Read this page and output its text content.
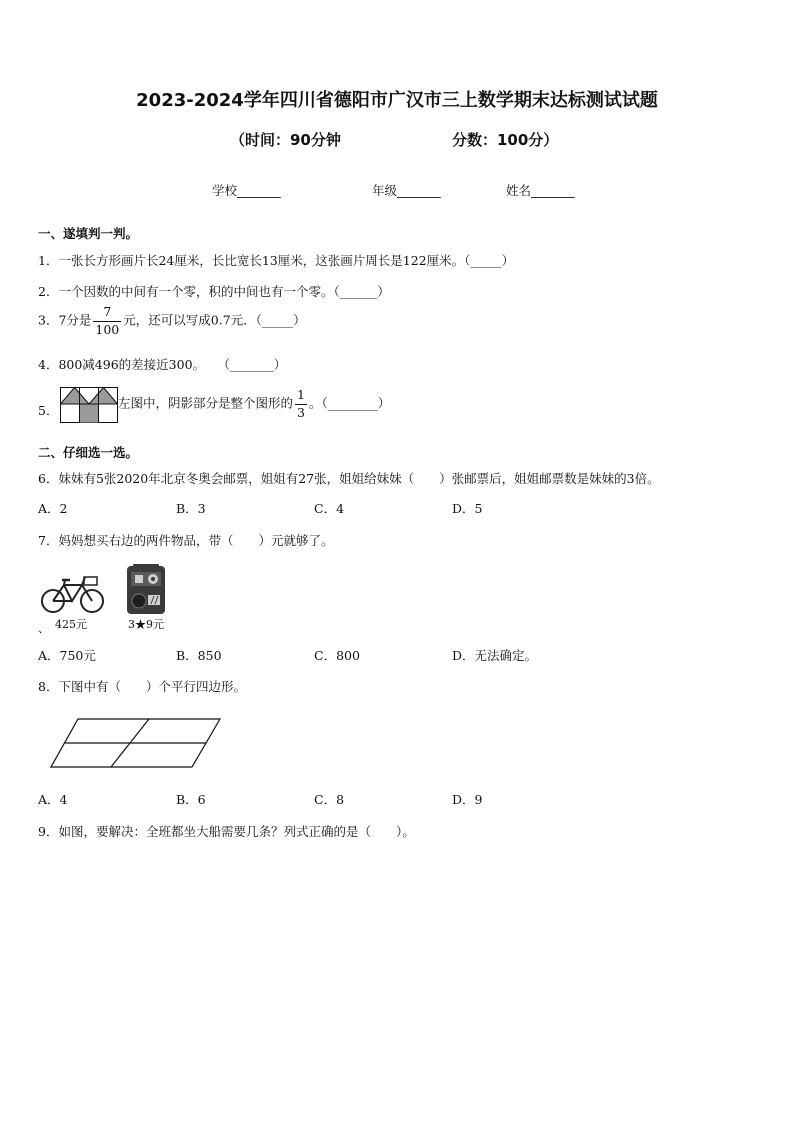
2023-2024学年四川省德阳市广汉市三上数学期末达标测试试题
（时间：90分钟	分数：100分）
学校_______	年级_______	姓名_______
一、遂填判一判。
1．一张长方形画片长24厘米，长比宽长13厘米，这张画片周长是122厘米。（_____）
2．一个因数的中间有一个零，积的中间也有一个零。（______）
3．7分是 $\frac{7}{100}$ 元，还可以写成0.7元．（_____）
4．800减496的差接近300。　　（_______）
5．	左图中，阴影部分是整个图形的 $\frac{1}{3}$ 。（________）
二、仔细选一选。
6．妹妹有5张2020年北京冬奥会邮票，姐姐有27张，姐姐给妹妹（　　）张邮票后，姐姐邮票数是妹妹的3倍。
A．2	B．3	C．4	D．5
7．妈妈想买右边的两件物品，带（　　）元就够了。
425元	3★9元
、
A．750元	B．850	C．800	D．无法确定。
8．下图中有（　　）个平行四边形。
A．4	B．6	C．8	D．9
9．如图，要解决：全班都坐大船需要几条？列式正确的是（　　）。
